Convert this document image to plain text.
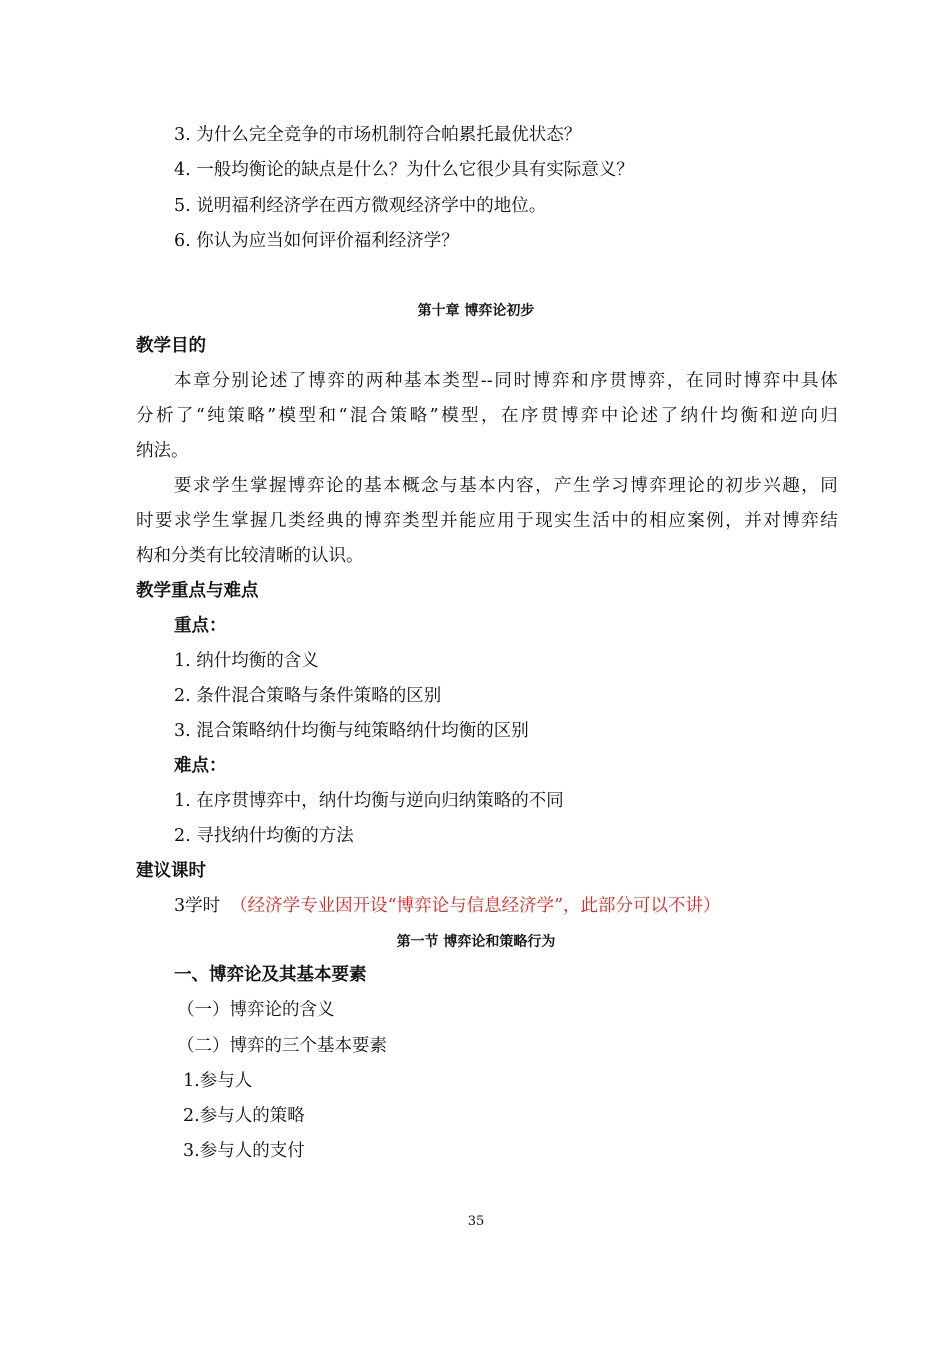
3. 为什么完全竞争的市场机制符合帕累托最优状态？
4. 一般均衡论的缺点是什么？为什么它很少具有实际意义？
5. 说明福利经济学在西方微观经济学中的地位。
6. 你认为应当如何评价福利经济学？
第十章 博弈论初步
教学目的
本章分别论述了博弈的两种基本类型--同时博弈和序贯博弈，在同时博弈中具体
分析了“纯策略”模型和“混合策略”模型，在序贯博弈中论述了纳什均衡和逆向归
纳法。
要求学生掌握博弈论的基本概念与基本内容，产生学习博弈理论的初步兴趣，同
时要求学生掌握几类经典的博弈类型并能应用于现实生活中的相应案例，并对博弈结
构和分类有比较清晰的认识。
教学重点与难点
重点：
1. 纳什均衡的含义
2. 条件混合策略与条件策略的区别
3. 混合策略纳什均衡与纯策略纳什均衡的区别
难点：
1. 在序贯博弈中，纳什均衡与逆向归纳策略的不同
2. 寻找纳什均衡的方法
建议课时
3学时 （经济学专业因开设“博弈论与信息经济学”，此部分可以不讲）
第一节 博弈论和策略行为
一、博弈论及其基本要素
（一）博弈论的含义
（二）博弈的三个基本要素
1.参与人
2.参与人的策略
3.参与人的支付
35
